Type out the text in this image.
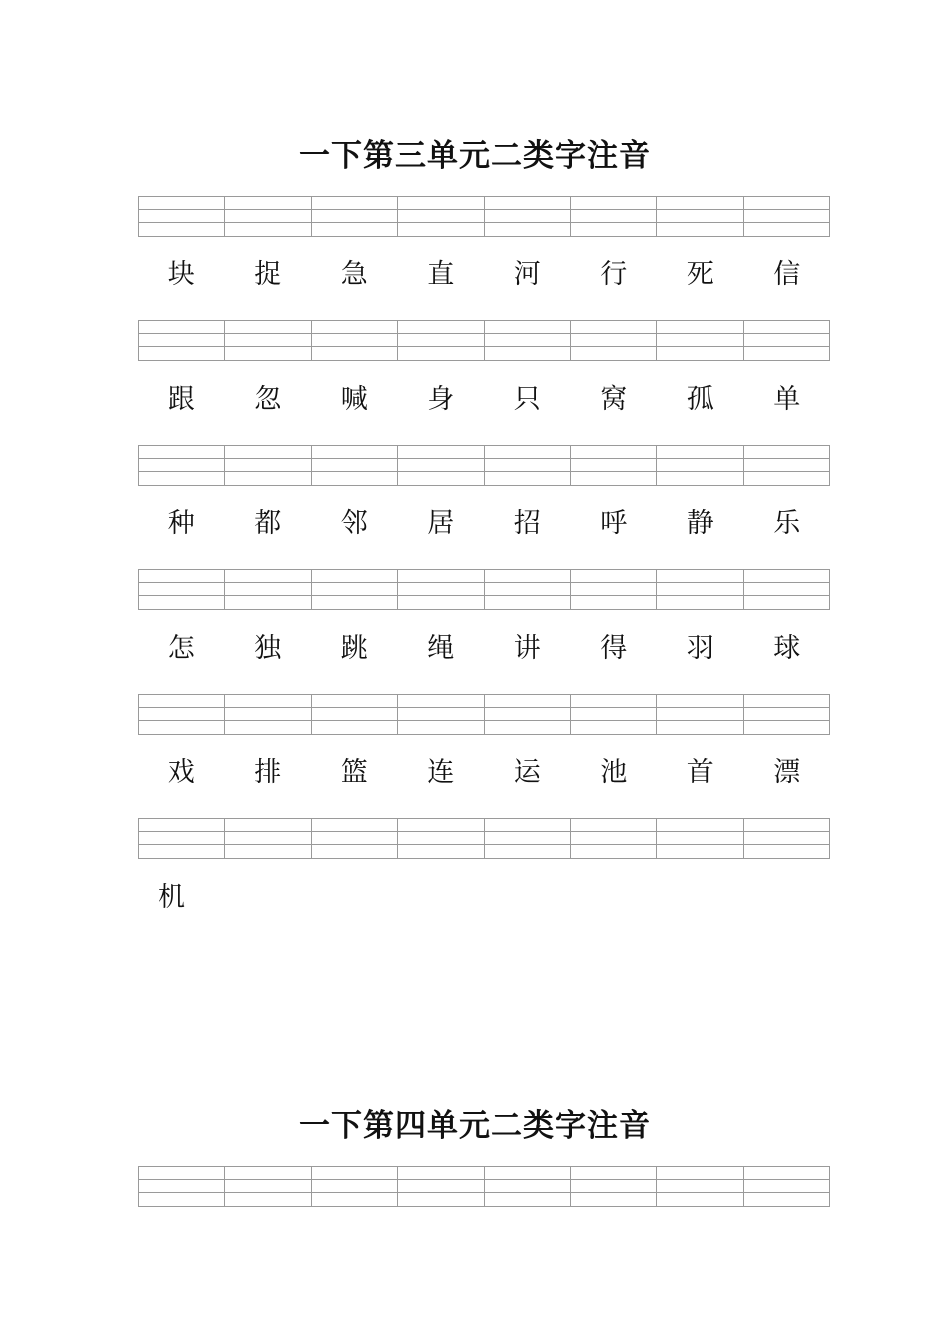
一下第三单元二类字注音
块	捉	急	直	河	行	死	信
跟	忽	喊	身	只	窝	孤	单
种	都	邻	居	招	呼	静	乐
怎	独	跳	绳	讲	得	羽	球
戏	排	篮	连	运	池	首	漂
机
一下第四单元二类字注音
